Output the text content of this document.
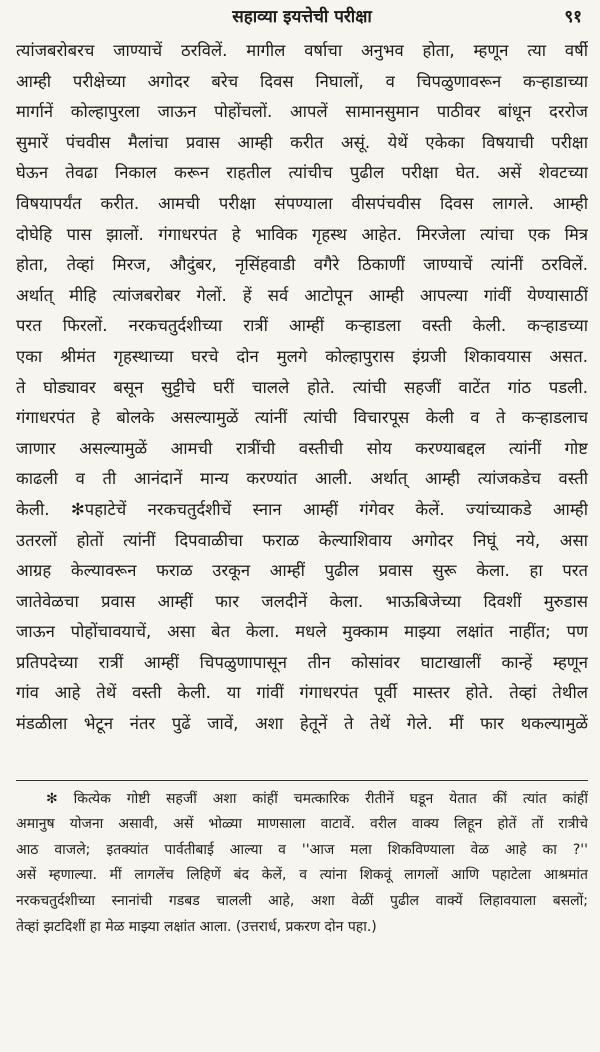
सहाव्या इयत्तेची परीक्षा	९१
त्यांजबरोबरच जाण्याचें ठरविलें. मागील वर्षाचा अनुभव होता, म्हणून त्या वर्षी
आम्ही परीक्षेच्या अगोदर बरेच दिवस निघालों, व चिपळुणावरून कऱ्हाडाच्या
मार्गानें कोल्हापुरला जाऊन पोहोंचलों. आपलें सामानसुमान पाठीवर बांधून दररोज
सुमारें पंचवीस मैलांचा प्रवास आम्ही करीत असूं. येथें एकेका विषयाची परीक्षा
घेऊन तेवढा निकाल करून राहतील त्यांचीच पुढील परीक्षा घेत. असें शेवटच्या
विषयापर्यंत करीत. आमची परीक्षा संपण्याला वीसपंचवीस दिवस लागले. आम्ही
दोघेहि पास झालों. गंगाधरपंत हे भाविक गृहस्थ आहेत. मिरजेला त्यांचा एक मित्र
होता, तेव्हां मिरज, औदुंबर, नृसिंहवाडी वगैरे ठिकाणीं जाण्याचें त्यांनीं ठरविलें.
अर्थात् मीहि त्यांजबरोबर गेलों. हें सर्व आटोपून आम्ही आपल्या गांवीं येण्यासाठीं
परत फिरलों. नरकचतुर्दशीच्या रात्रीं आम्हीं कऱ्हाडला वस्ती केली. कऱ्हाडच्या
एका श्रीमंत गृहस्थाच्या घरचे दोन मुलगे कोल्हापुरास इंग्रजी शिकावयास असत.
ते घोड्यावर बसून सुट्टीचे घरीं चालले होते. त्यांची सहजीं वाटेंत गांठ पडली.
गंगाधरपंत हे बोलके असल्यामुळें त्यांनीं त्यांची विचारपूस केली व ते कऱ्हाडलाच
जाणार असल्यामुळें आमची रात्रींची वस्तीची सोय करण्याबद्दल त्यांनीं गोष्ट
काढली व ती आनंदानें मान्य करण्यांत आली. अर्थात् आम्ही त्यांजकडेच वस्ती
केली. ✻पहाटेचें नरकचतुर्दशीचें स्नान आम्हीं गंगेवर केलें. ज्यांच्याकडे आम्ही
उतरलों होतों त्यांनीं दिपवाळीचा फराळ केल्याशिवाय अगोदर निघूं नये, असा
आग्रह केल्यावरून फराळ उरकून आम्हीं पुढील प्रवास सुरू केला. हा परत
जातेवेळचा प्रवास आम्हीं फार जलदीनें केला. भाऊबिजेच्या दिवशीं मुरुडास
जाऊन पोहोंचावयाचें, असा बेत केला. मधले मुक्काम माझ्या लक्षांत नाहींत; पण
प्रतिपदेच्या रात्रीं आम्हीं चिपळुणापासून तीन कोसांवर घाटाखालीं कान्हें म्हणून
गांव आहे तेथें वस्ती केली. या गांवीं गंगाधरपंत पूर्वी मास्तर होते. तेव्हां तेथील
मंडळीला भेटून नंतर पुढें जावें, अशा हेतूनें ते तेथें गेले. मीं फार थकल्यामुळें
✻ कित्येक गोष्टी सहजीं अशा कांहीं चमत्कारिक रीतीनें घडून येतात कीं त्यांत कांहीं
अमानुष योजना असावी, असें भोळ्या माणसाला वाटावें. वरील वाक्य लिहून होतें तों रात्रीचे
आठ वाजले; इतक्यांत पार्वतीबाई आल्या व ''आज मला शिकविण्याला वेळ आहे का ?''
असें म्हणाल्या. मीं लागलेंच लिहिणें बंद केलें, व त्यांना शिकवूं लागलों आणि पहाटेला आश्रमांत
नरकचतुर्दशीच्या स्नानांची गडबड चालली आहे, अशा वेळीं पुढील वाक्यें लिहावयाला बसलों;
तेव्हां झटदिशीं हा मेळ माझ्या लक्षांत आला. (उत्तरार्ध, प्रकरण दोन पहा.)
